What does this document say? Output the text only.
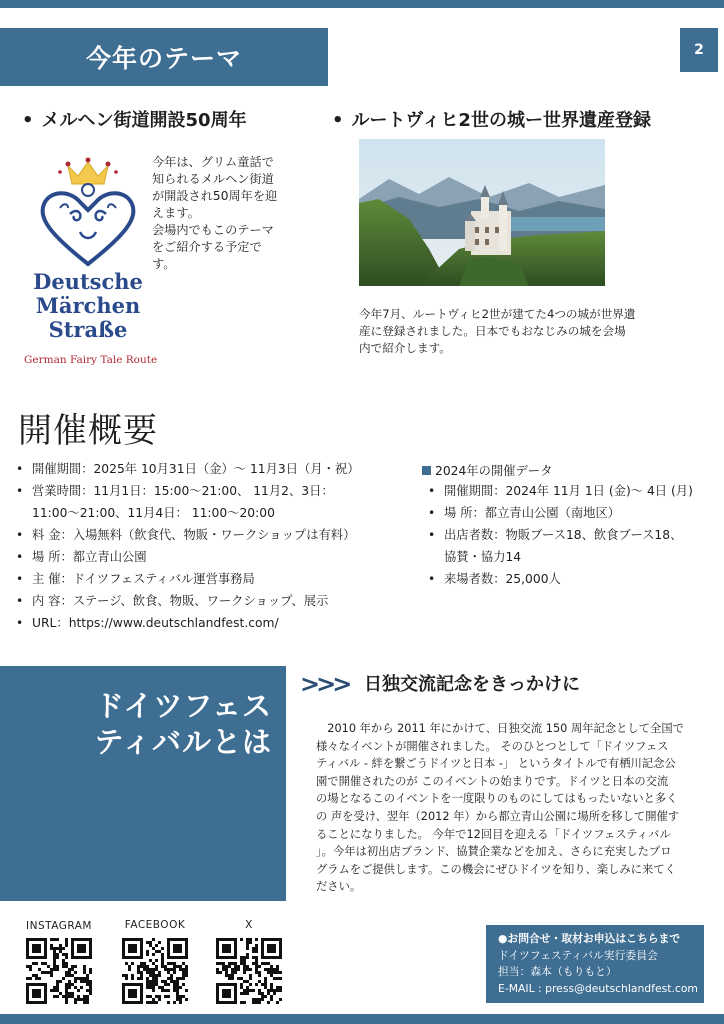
今年のテーマ	2
• メルヘン街道開設50周年
Deutsche
Märchen
Straße
German Fairy Tale Route
今年は、グリム童話で
知られるメルヘン街道
が開設され50周年を迎
えます。
会場内でもこのテーマ
をご紹介する予定で
す。
• ルートヴィヒ2世の城ー世界遺産登録
今年7月、ルートヴィヒ2世が建てた4つの城が世界遺
産に登録されました。日本でもおなじみの城を会場
内で紹介します。
開催概要
• 開催期間：2025年 10月31日（金）〜 11月3日（月・祝）
• 営業時間：11月1日：15:00〜21:00、 11月2、3日：
11:00〜21:00、11月4日： 11:00〜20:00
• 料 金：入場無料（飲食代、物販・ワークショップは有料）
• 場 所：都立青山公園
• 主 催：ドイツフェスティバル運営事務局
• 内 容：ステージ、飲食、物販、ワークショップ、展示
• URL：https://www.deutschlandfest.com/
2024年の開催データ
• 開催期間：2024年 11月 1日 (金)〜 4日 (月)
• 場 所：都立青山公園（南地区）
• 出店者数：物販ブース18、飲食ブース18、
協賛・協力14
• 来場者数：25,000人
ドイツフェス
ティバルとは
>>> 日独交流記念をきっかけに
　2010 年から 2011 年にかけて、日独交流 150 周年記念として全国で
様々なイベントが開催されました。 そのひとつとして「ドイツフェス
ティバル - 絆を繋ごうドイツと日本 -」 というタイトルで有栖川記念公
園で開催されたのが このイベントの始まりです。ドイツと日本の交流
の場となるこのイベントを一度限りのものにしてはもったいないと多く
の 声を受け、翌年（2012 年）から都立青山公園に場所を移して開催す
ることになりました。 今年で12回目を迎える「ドイツフェスティバル
」。今年は初出店ブランド、協賛企業などを加え、さらに充実したプロ
グラムをご提供します。この機会にぜひドイツを知り、楽しみに来てく
ださい。
INSTAGRAM	FACEBOOK	X
●お問合せ・取材お申込はこちらまで
ドイツフェスティバル実行委員会
担当：森本（もりもと）
E-MAIL : press@deutschlandfest.com
